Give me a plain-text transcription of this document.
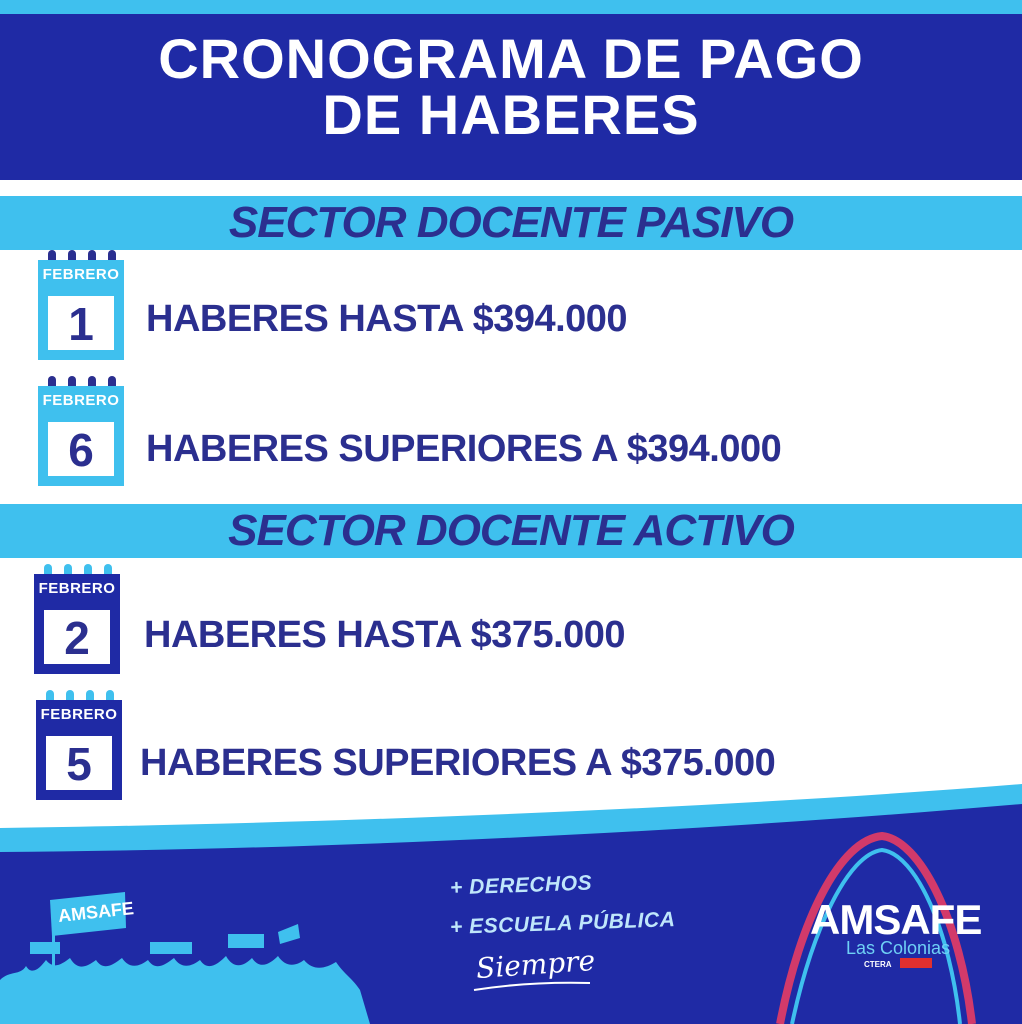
CRONOGRAMA DE PAGO
DE HABERES
SECTOR DOCENTE PASIVO
FEBRERO
1	HABERES HASTA $394.000
FEBRERO
6	HABERES SUPERIORES A $394.000
SECTOR DOCENTE ACTIVO
FEBRERO
2	HABERES HASTA $375.000
FEBRERO
5	HABERES SUPERIORES A $375.000
AMSAFE
+ DERECHOS
+ ESCUELA PÚBLICA
Siempre
AMSAFE
Las Colonias
CTERA
